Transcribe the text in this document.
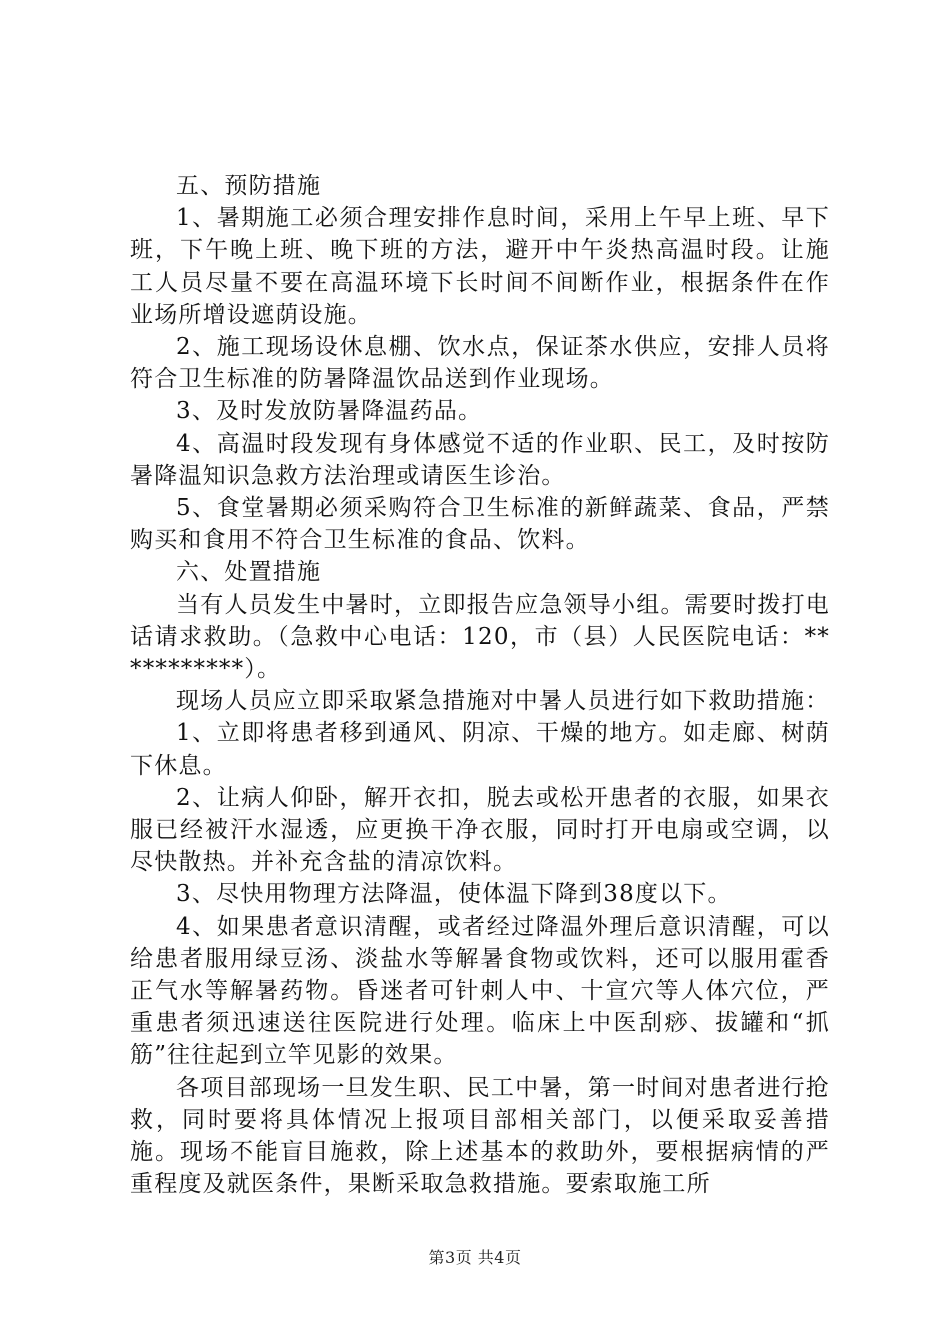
五、预防措施

1、暑期施工必须合理安排作息时间，采用上午早上班、早下班，下午晚上班、晚下班的方法，避开中午炎热高温时段。让施工人员尽量不要在高温环境下长时间不间断作业，根据条件在作业场所增设遮荫设施。

2、施工现场设休息棚、饮水点，保证茶水供应，安排人员将符合卫生标准的防暑降温饮品送到作业现场。

3、及时发放防暑降温药品。

4、高温时段发现有身体感觉不适的作业职、民工，及时按防暑降温知识急救方法治理或请医生诊治。

5、食堂暑期必须采购符合卫生标准的新鲜蔬菜、食品，严禁购买和食用不符合卫生标准的食品、饮料。

六、处置措施

当有人员发生中暑时，立即报告应急领导小组。需要时拨打电话请求救助。（急救中心电话：120，市（县）人民医院电话：***********）。

现场人员应立即采取紧急措施对中暑人员进行如下救助措施：

1、立即将患者移到通风、阴凉、干燥的地方。如走廊、树荫下休息。

2、让病人仰卧，解开衣扣，脱去或松开患者的衣服，如果衣服已经被汗水湿透，应更换干净衣服，同时打开电扇或空调，以尽快散热。并补充含盐的清凉饮料。

3、尽快用物理方法降温，使体温下降到38度以下。

4、如果患者意识清醒，或者经过降温外理后意识清醒，可以给患者服用绿豆汤、淡盐水等解暑食物或饮料，还可以服用霍香正气水等解暑药物。昏迷者可针刺人中、十宣穴等人体穴位，严重患者须迅速送往医院进行处理。临床上中医刮痧、拔罐和“抓筋”往往起到立竿见影的效果。

各项目部现场一旦发生职、民工中暑，第一时间对患者进行抢救，同时要将具体情况上报项目部相关部门，以便采取妥善措施。现场不能盲目施救，除上述基本的救助外，要根据病情的严重程度及就医条件，果断采取急救措施。要索取施工所

第3页 共4页
